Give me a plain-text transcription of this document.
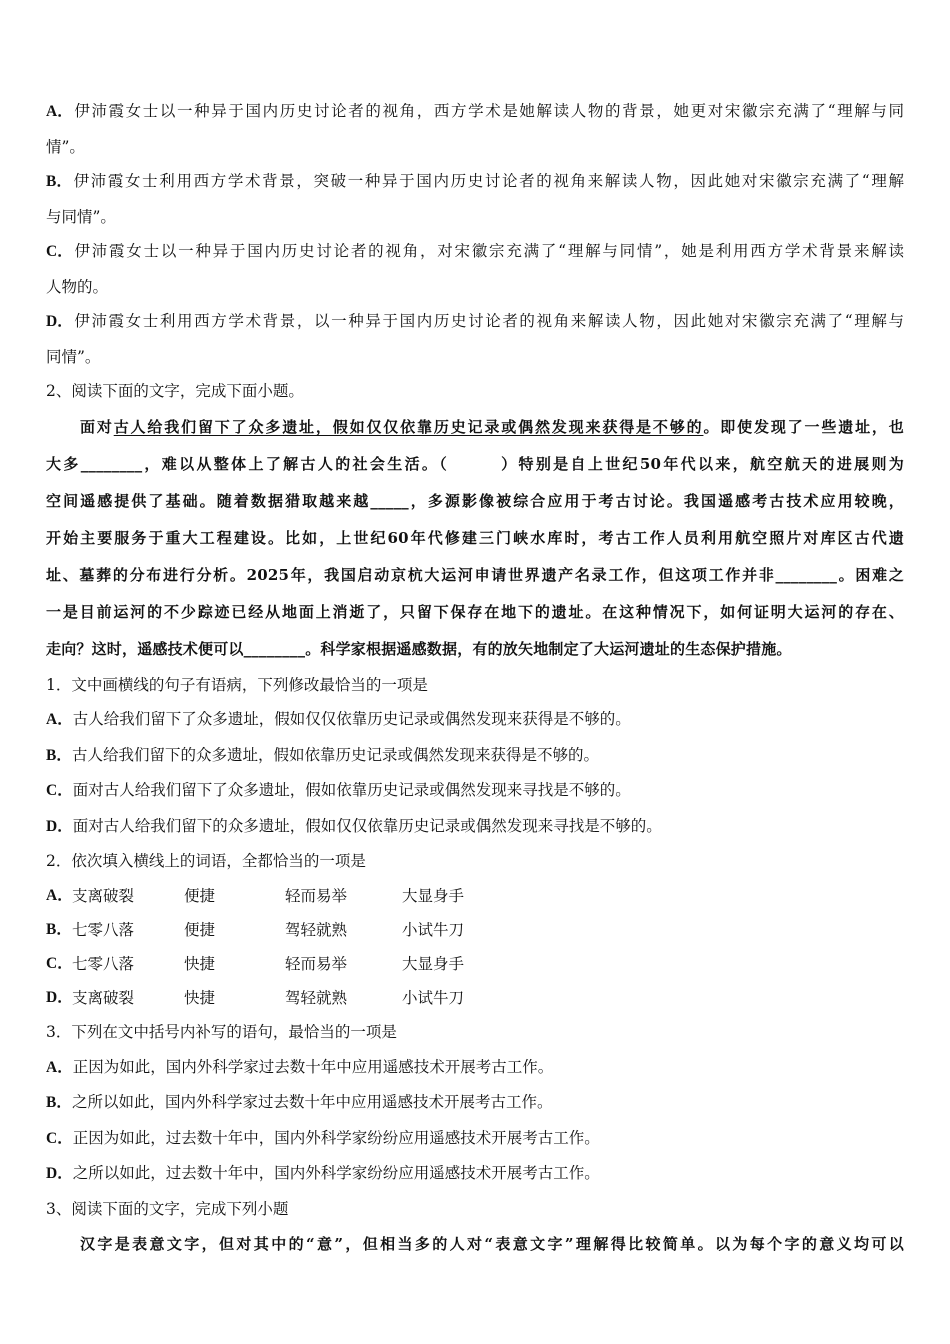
A．伊沛霞女士以一种异于国内历史讨论者的视角，西方学术是她解读人物的背景，她更对宋徽宗充满了“理解与同
情”。
B．伊沛霞女士利用西方学术背景，突破一种异于国内历史讨论者的视角来解读人物，因此她对宋徽宗充满了“理解
与同情”。
C．伊沛霞女士以一种异于国内历史讨论者的视角，对宋徽宗充满了“理解与同情”，她是利用西方学术背景来解读
人物的。
D．伊沛霞女士利用西方学术背景，以一种异于国内历史讨论者的视角来解读人物，因此她对宋徽宗充满了“理解与
同情”。
2、阅读下面的文字，完成下面小题。
面对古人给我们留下了众多遗址，假如仅仅依靠历史记录或偶然发现来获得是不够的。即使发现了一些遗址，也
大多________，难以从整体上了解古人的社会生活。（　　　）特别是自上世纪50年代以来，航空航天的进展则为
空间遥感提供了基础。随着数据猎取越来越_____，多源影像被综合应用于考古讨论。我国遥感考古技术应用较晚，
开始主要服务于重大工程建设。比如，上世纪60年代修建三门峡水库时，考古工作人员利用航空照片对库区古代遗
址、墓葬的分布进行分析。2025年，我国启动京杭大运河申请世界遗产名录工作，但这项工作并非________。困难之
一是目前运河的不少踪迹已经从地面上消逝了，只留下保存在地下的遗址。在这种情况下，如何证明大运河的存在、
走向？这时，遥感技术便可以________。科学家根据遥感数据，有的放矢地制定了大运河遗址的生态保护措施。
1．文中画横线的句子有语病，下列修改最恰当的一项是
A．古人给我们留下了众多遗址，假如仅仅依靠历史记录或偶然发现来获得是不够的。
B．古人给我们留下的众多遗址，假如依靠历史记录或偶然发现来获得是不够的。
C．面对古人给我们留下了众多遗址，假如依靠历史记录或偶然发现来寻找是不够的。
D．面对古人给我们留下的众多遗址，假如仅仅依靠历史记录或偶然发现来寻找是不够的。
2．依次填入横线上的词语，全都恰当的一项是
A． 支离破裂	便捷	轻而易举	大显身手
B． 七零八落	便捷	驾轻就熟	小试牛刀
C． 七零八落	快捷	轻而易举	大显身手
D． 支离破裂	快捷	驾轻就熟	小试牛刀
3．下列在文中括号内补写的语句，最恰当的一项是
A．正因为如此，国内外科学家过去数十年中应用遥感技术开展考古工作。
B．之所以如此，国内外科学家过去数十年中应用遥感技术开展考古工作。
C．正因为如此，过去数十年中，国内外科学家纷纷应用遥感技术开展考古工作。
D．之所以如此，过去数十年中，国内外科学家纷纷应用遥感技术开展考古工作。
3、阅读下面的文字，完成下列小题
汉字是表意文字，但对其中的“意”，但相当多的人对“表意文字”理解得比较简单。以为每个字的意义均可以
